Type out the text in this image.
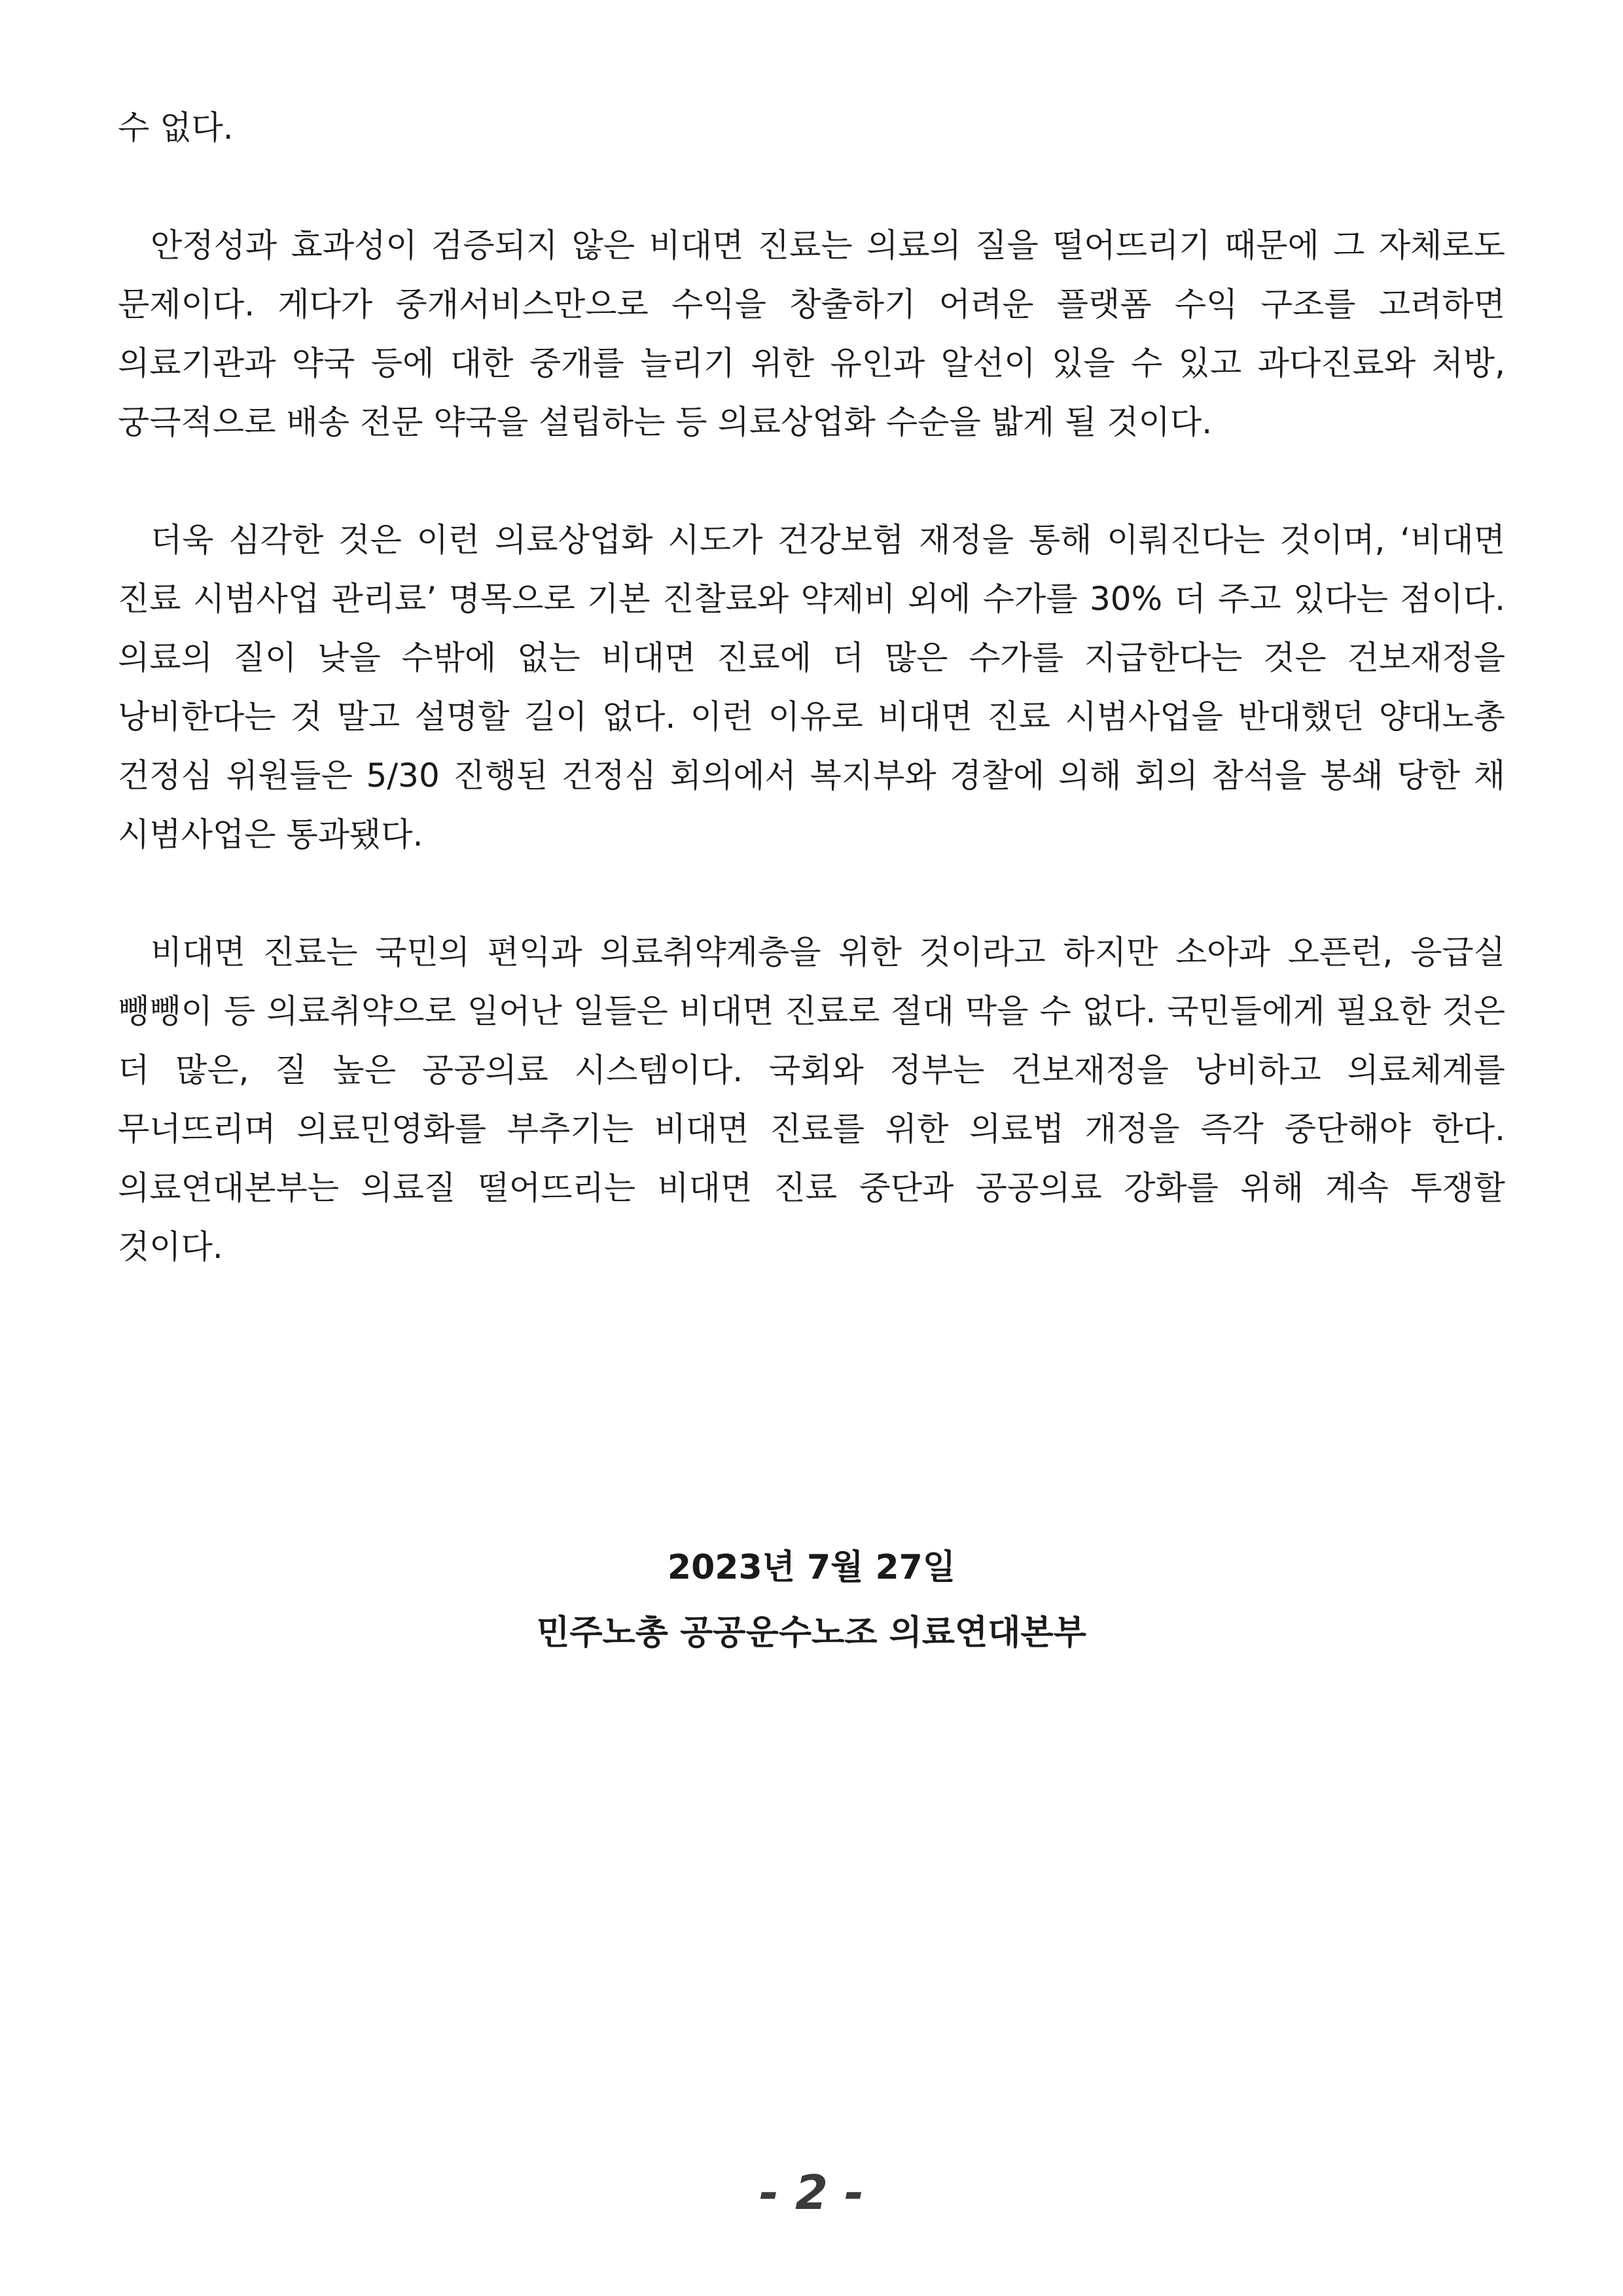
수 없다.

안정성과 효과성이 검증되지 않은 비대면 진료는 의료의 질을 떨어뜨리기 때문에 그 자체로도 문제이다. 게다가 중개서비스만으로 수익을 창출하기 어려운 플랫폼 수익 구조를 고려하면 의료기관과 약국 등에 대한 중개를 늘리기 위한 유인과 알선이 있을 수 있고 과다진료와 처방, 궁극적으로 배송 전문 약국을 설립하는 등 의료상업화 수순을 밟게 될 것이다.

더욱 심각한 것은 이런 의료상업화 시도가 건강보험 재정을 통해 이뤄진다는 것이며, ‘비대면 진료 시범사업 관리료’ 명목으로 기본 진찰료와 약제비 외에 수가를 30% 더 주고 있다는 점이다. 의료의 질이 낮을 수밖에 없는 비대면 진료에 더 많은 수가를 지급한다는 것은 건보재정을 낭비한다는 것 말고 설명할 길이 없다. 이런 이유로 비대면 진료 시범사업을 반대했던 양대노총 건정심 위원들은 5/30 진행된 건정심 회의에서 복지부와 경찰에 의해 회의 참석을 봉쇄 당한 채 시범사업은 통과됐다.

비대면 진료는 국민의 편익과 의료취약계층을 위한 것이라고 하지만 소아과 오픈런, 응급실 뺑뺑이 등 의료취약으로 일어난 일들은 비대면 진료로 절대 막을 수 없다. 국민들에게 필요한 것은 더 많은, 질 높은 공공의료 시스템이다. 국회와 정부는 건보재정을 낭비하고 의료체계를 무너뜨리며 의료민영화를 부추기는 비대면 진료를 위한 의료법 개정을 즉각 중단해야 한다. 의료연대본부는 의료질 떨어뜨리는 비대면 진료 중단과 공공의료 강화를 위해 계속 투쟁할 것이다.

2023년 7월 27일
민주노총 공공운수노조 의료연대본부
- 2 -
